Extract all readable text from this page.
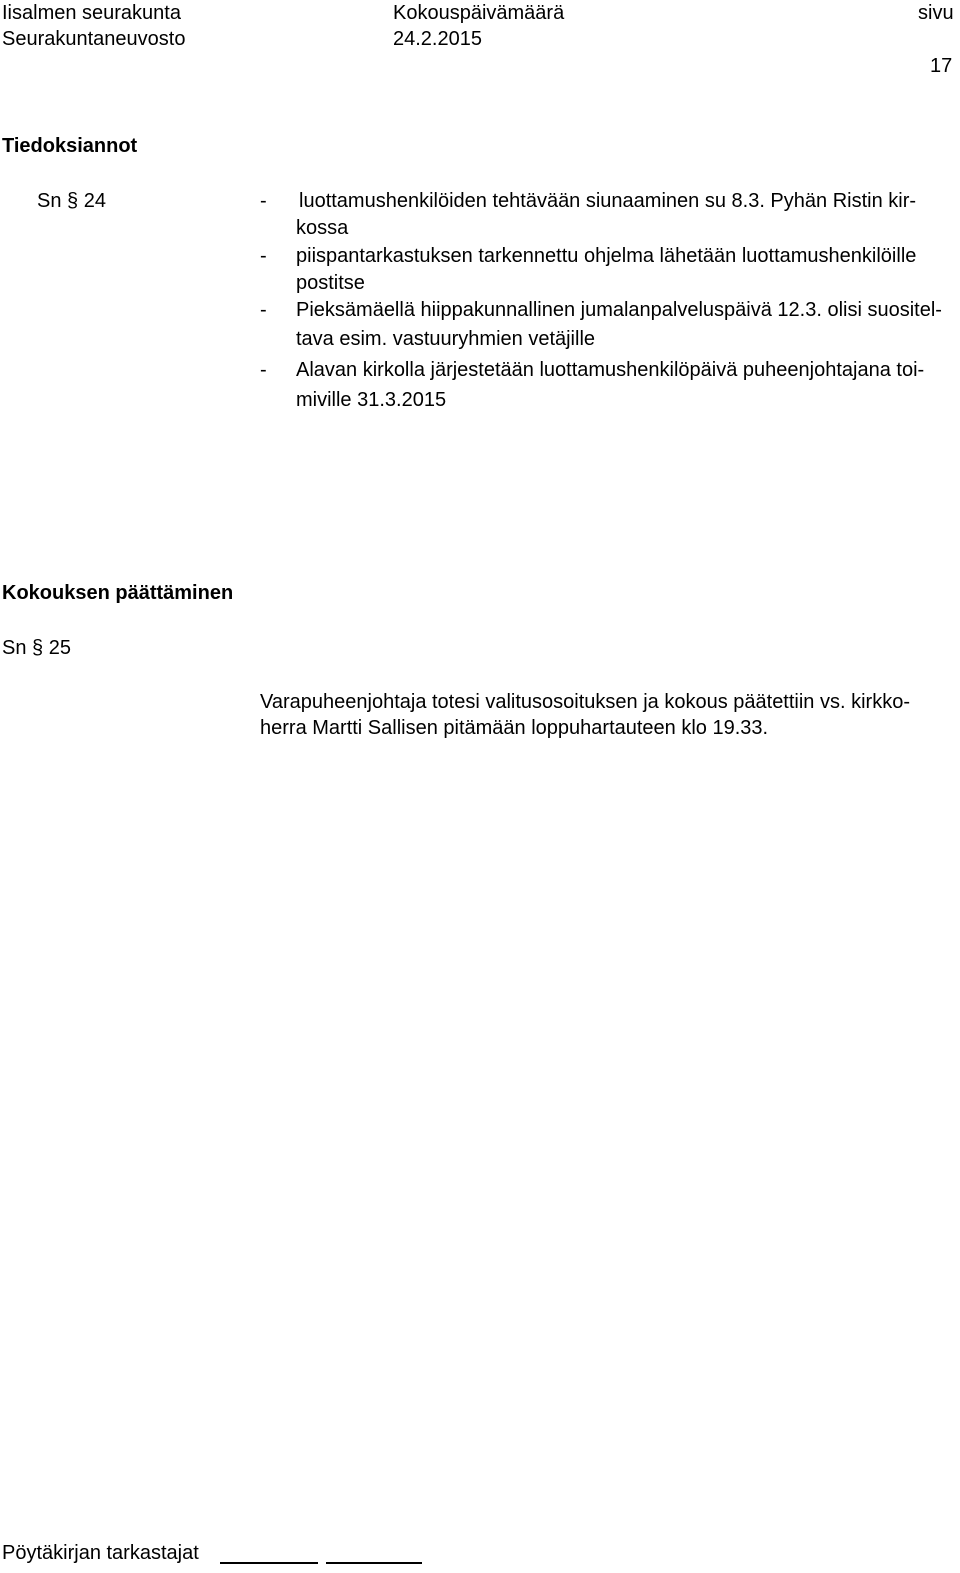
Iisalmen seurakunta
Seurakuntaneuvosto
Kokouspäivämäärä
24.2.2015
sivu
17
Tiedoksiannot
Sn § 24	- luottamushenkilöiden tehtävään siunaaminen su 8.3. Pyhän Ristin kir-
kossa
- piispantarkastuksen tarkennettu ohjelma lähetään luottamushenkilöille
postitse
- Pieksämäellä hiippakunnallinen jumalanpalveluspäivä 12.3. olisi suositel-
tava esim. vastuuryhmien vetäjille
- Alavan kirkolla järjestetään luottamushenkilöpäivä puheenjohtajana toi-
miville 31.3.2015
Kokouksen päättäminen
Sn § 25
Varapuheenjohtaja totesi valitusosoituksen ja kokous päätettiin vs. kirkko-
herra Martti Sallisen pitämään loppuhartauteen klo 19.33.
Pöytäkirjan tarkastajat
